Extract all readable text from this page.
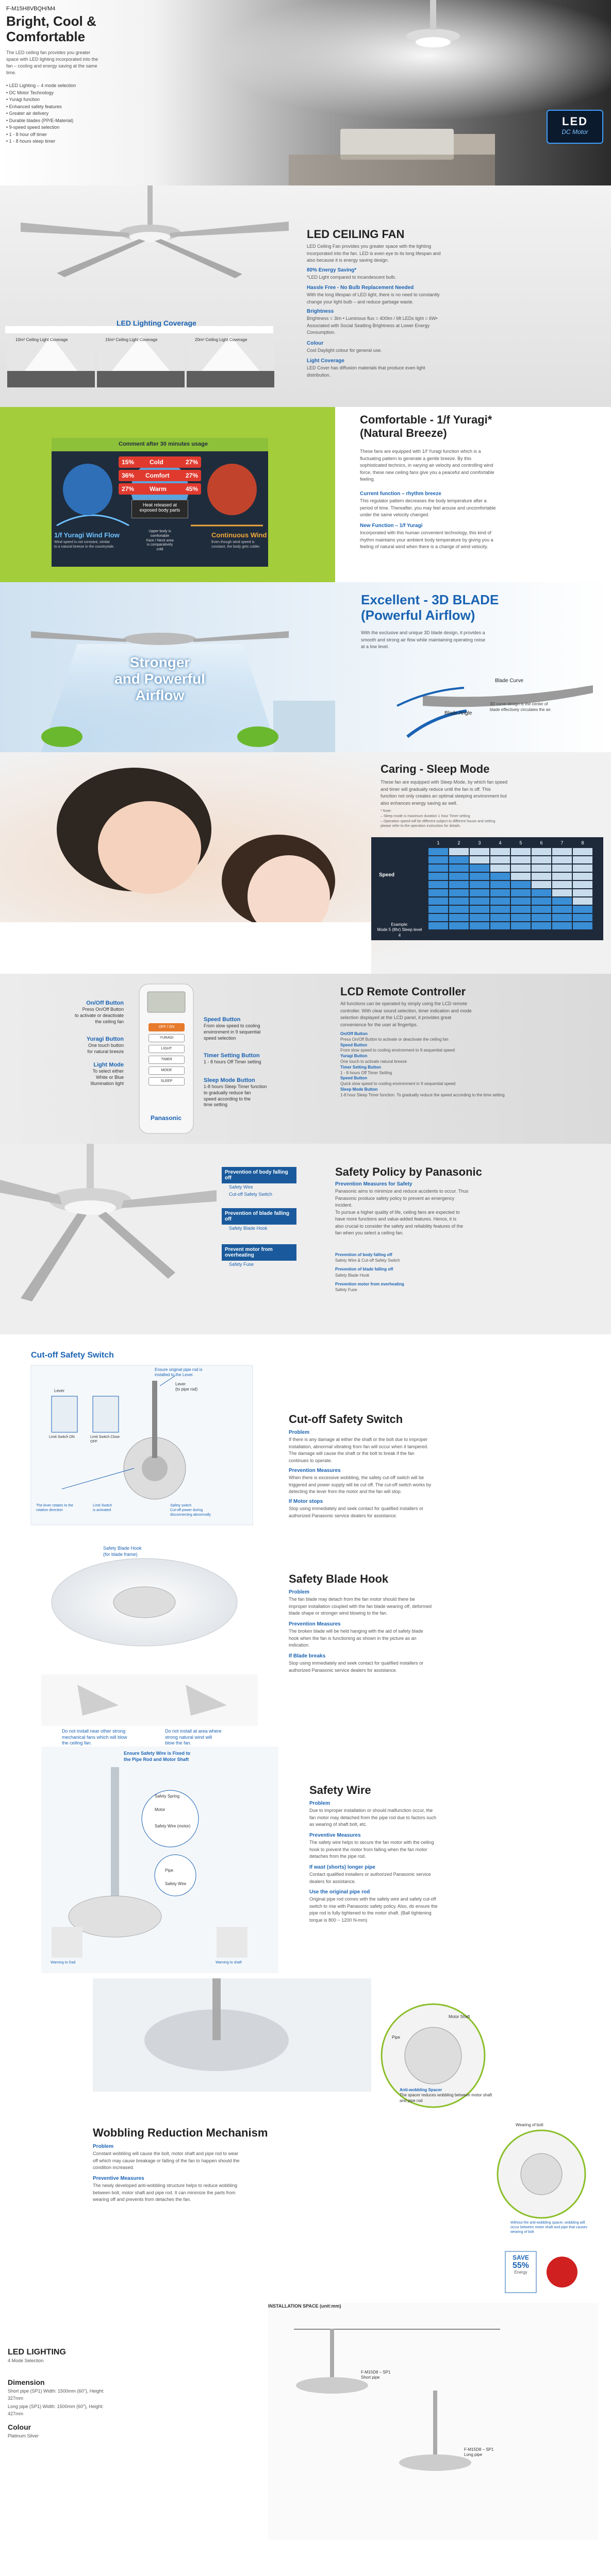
F-M15H8VBQH/M4
Bright, Cool &
Comfortable
The LED ceiling fan provides you greater
space with LED lighting incorporated into the
fan – cooling and energy saving at the same
time.
• LED Lighting – 4 mode selection
• DC Motor Technology
• Yuragi function
• Enhanced safety features
• Greater air delivery
• Durable blades (PP/E-Material)
• 9-speed speed selection
• 1 - 8 hour off timer
• 1 - 8 hours sleep timer
LED
DC Motor
LED Lighting Coverage
10m² Ceiling Light Coverage	15m² Ceiling Light Coverage	20m² Ceiling Light Coverage
LED CEILING FAN
LED Ceiling Fan provides you greater space with the lighting
incorporated into the fan. LED is even eye to its long lifespan and
also because it is energy saving design.
80% Energy Saving*
*LED Light compared to incandescent bulb.
Hassle Free - No Bulb Replacement Needed
With the long lifespan of LED light, there is no need to constantly
change your light bulb – and reduce garbage waste.
Brightness
Brightness = 3lm • Luminous flux = 400lm / 6ft LEDs light = 6W•
Associated with Social Seatting Brightness at Lower Energy
Consumption.
Colour
Cool Daylight colour for general use.
Light Coverage
LED Cover has diffusion materials that produce even light
distribution.
Comment after 30 minutes usage
15% Cold	27%
36% Comfort	27%
27% Warm	45%
Heat released at
exposed body parts
1/f Yuragi Wind Flow
Wind speed is not constant, similar
to a natural breeze in the countryside.
Continuous Wind
Even though wind speed is
constant, the body gets colder.
Upper body is
comfortable
Face / Neck area
is comparatively
cold
Comfortable - 1/f Yuragi*
(Natural Breeze)
These fans are equipped with 1/f Yuragi function which is a
fluctuating pattern to generate a gentle breeze. By this
sophisticated technics, in varying air velocity and controlling wind
force, these new ceiling fans give you a peaceful and comfortable
feeling.
Current function – rhythm breeze
This regulator pattern decreases the body temperature after a
period of time. Thereafter, you may feel arouse and uncomfortable
under the same velocity changed.
New Function – 1/f Yuragi
Incorporated with this human convenient technology, this kind of
rhythm maintains your ambient body temperature by giving you a
feeling of natural wind when there is a change of wind velocity.
Stronger
and Powerful
Airflow
Excellent - 3D BLADE
(Powerful Airflow)
With the exclusive and unique 3D blade design, it provides a
smooth and strong air flow while maintaining operating noise
at a low level.
Blade Curve
Blade Angle
3D curve design is the center of
blade effectively circulates the air.
Caring - Sleep Mode
These fan are equipped with Sleep Mode, by which fan speed
and timer will gradually reduce until the fan is off. This
function not only creates an optimal sleeping environment but
also enhances energy saving as well.
* Note:
– Sleep mode is maximum duration 1 hour Timer setting
– Operation speed will be different subject to different house and setting
please refer to the operation instruction for details.
1	2	3	4	5	6	7	8
Speed
Example:
Mode 5 (8hr) Sleep level 4
OFF / ON
YURAGI
LIGHT
TIMER
MODE
SLEEP
Panasonic
On/Off Button
Press On/Off Button
to activate or deactivate
the ceiling fan
Yuragi Button
One touch button
for natural breeze
Light Mode
To select either
White or Blue
Illumination light
Speed Button
From slow speed to cooling
environment in 9 sequential
speed selection
Timer Setting Button
1 - 8 hours Off Timer setting
Sleep Mode Button
1-8 hours Sleep Timer function
to gradually reduce fan
speed according to the
time setting
LCD Remote Controller
All functions can be operated by simply using the LCD remote
controller. With clear sound selection, timer indication and mode
selection displayed at the LCD panel, it provides great
convenience for the user at fingertips.
On/Off Button
Press On/Off Button to activate or deactivate the ceiling fan
Speed Button
From slow speed to cooling environment to 9 sequential speed
Yuragi Button
One touch to activate natural breeze
Timer Setting Button
1 - 8 hours Off Timer Setting
Speed Button
Quick slow speed to cooling environment in 9 sequential speed
Sleep Mode Button
1-8 hour Sleep Timer function. To gradually reduce the speed according to the time setting
Prevention of body falling off
Safety Wire
Cut-off Safety Switch
Prevention of blade falling off
Safety Blade Hook
Prevent motor from overheating
Safety Fuse
Safety Policy by Panasonic
Prevention Measures for Safety
Panasonic aims to minimize and reduce accidents to occur. Thus
Panasonic produce safety policy to prevent an emergency
incident.
To pursue a higher quality of life, ceiling fans are expected to
have more functions and value-added features. Hence, it is
also crucial to consider the safety and reliability features of the
fan when you select a ceiling fan.
Prevention of body falling off
Safety Wire & Cut-off Safety Switch
Prevention of blade falling off
Safety Blade Hook
Prevention motor from overheating
Safety Fuse
Cut-off Safety Switch
Ensure original pipe rod is
installed to the Lever.
Lever
(to pipe rod)
Lever
Limit Switch ON	Limit Switch Close OFF
The lever rotates to the
rotation direction
Limit Switch
is activated
Safety switch
Cut-off power during
disconnecting abnormally
Cut-off Safety Switch
Problem
If there is any damage at either the shaft or the bolt due to improper
installation, abnormal vibrating from fan will occur when it tampered.
The damage will cause the shaft or the bolt to break if the fan
continues to operate.
Prevention Measures
When there is excessive wobbling, the safety cut-off switch will be
triggered and power supply will be cut off. The cut-off switch works by
detecting the lever from the motor and the fan will stop.
If Motor stops
Stop using immediately and seek contact for qualified installers or
authorized Panasonic service dealers for assistance.
Safety Blade Hook
(for blade frame)
Do not install near other strong
mechanical fans which will blow
the ceiling fan.
Do not install at area where
strong natural wind will
blow the fan.
Safety Blade Hook
Problem
The fan blade may detach from the fan motor should there be
improper installation coupled with the fan blade wearing off, deformed
blade shape or stronger wind blowing to the fan.
Prevention Measures
The broken blade will be held hanging with the aid of safety blade
hook when the fan is functioning as shown in the picture as an
indication.
If Blade breaks
Stop using immediately and seek contact for qualified installers or
authorized Panasonic service dealers for assistance.
Ensure Safety Wire is Fixed to
the Pipe Rod and Motor Shaft
Safety Spring
Motor
Safety Wire (motor)
Pipe
Safety Wire
Warning to Dad	Warning to shaft
Safety Wire
Problem
Due to improper installation or should malfunction occur, the
fan motor may detached from the pipe rod due to factors such
as wearing of shaft bolt, etc.
Preventive Measures
The safety wire helps to secure the fan motor with the ceiling
hook to prevent the motor from falling when the fan motor
detaches from the pipe rod.
If wast (shorts) longer pipe
Contact qualified installers or authorized Panasonic service
dealers for assistance.
Use the original pipe rod
Original pipe rod comes with the safety wire and safety cut-off
switch to rise with Panasonic safety policy. Also, do ensure the
pipe rod is fully tightened to the motor shaft. (Ball tightening
torque is 800 ~ 1200 N-mm)
Motor Shaft
Pipe
Anti-wobbling Spacer
The spacer reduces wobbling between motor shaft
and pipe rod
Wearing of bolt
Without the anti-wobbling spacer, wobbling will
occur between motor shaft and pipe that causes
wearing of bolt
Wobbling Reduction Mechanism
Problem
Constant wobbling will cause the bolt, motor shaft and pipe rod to wear
off which may cause breakage or falling of the fan to happen should the
condition increased.
Preventive Measures
The newly developed anti-wobbling structure helps to reduce wobbling
between bolt, motor shaft and pipe rod. It can minimize the parts from
wearing off and prevents from detaches the fan.
INSTALLATION SPACE (unit:mm)
F-M15D8 – SP1
Short pipe
F-M15D8 – SP1
Long pipe
SAVE
55%
Energy
LED LIGHTING
4 Mode Selection
Dimension
Short pipe (SP1) Width: 1500mm (60"), Height:
327mm
Long pipe (SP1) Width: 1500mm (60"), Height:
427mm
Colour
Platinum Silver
